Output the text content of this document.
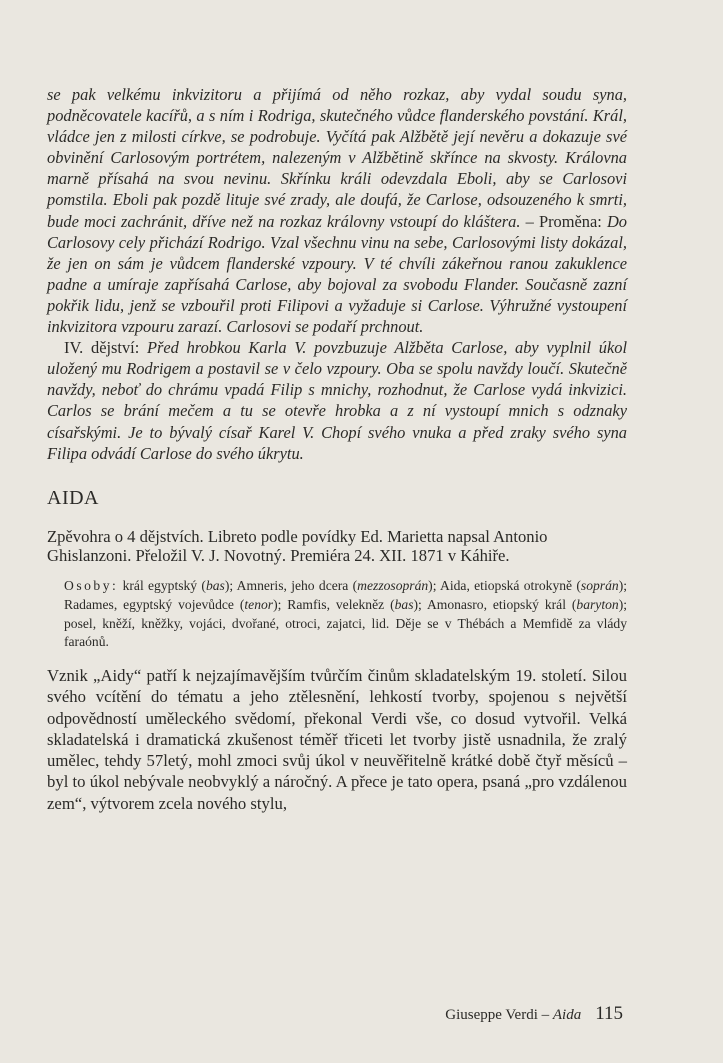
se pak velkému inkvizitoru a přijímá od něho rozkaz, aby vydal soudu syna, podněcovatele kacířů, a s ním i Rodriga, skutečného vůdce flanderského povstání. Král, vládce jen z milosti církve, se podrobuje. Vyčítá pak Alžbětě její nevěru a dokazuje své obvinění Carlosovým portrétem, nalezeným v Alžbětině skřínce na skvosty. Královna marně přísahá na svou nevinu. Skřínku králi odevzdala Eboli, aby se Carlosovi pomstila. Eboli pak pozdě lituje své zrady, ale doufá, že Carlose, odsouzeného k smrti, bude moci zachránit, dříve než na rozkaz královny vstoupí do kláštera. – Proměna: Do Carlosovy cely přichází Rodrigo. Vzal všechnu vinu na sebe, Carlosovými listy dokázal, že jen on sám je vůdcem flanderské vzpoury. V té chvíli zákeřnou ranou zakuklence padne a umíraje zapřísahá Carlose, aby bojoval za svobodu Flander. Současně zazní pokřik lidu, jenž se vzbouřil proti Filipovi a vyžaduje si Carlose. Výhružné vystoupení inkvizitora vzpouru zarazí. Carlosovi se podaří prchnout.
IV. dějství: Před hrobkou Karla V. povzbuzuje Alžběta Carlose, aby vyplnil úkol uložený mu Rodrigem a postavil se v čelo vzpoury. Oba se spolu navždy loučí. Skutečně navždy, neboť do chrámu vpadá Filip s mnichy, rozhodnut, že Carlose vydá inkvizici. Carlos se brání mečem a tu se otevře hrobka a z ní vystoupí mnich s odznaky císařskými. Je to bývalý císař Karel V. Chopí svého vnuka a před zraky svého syna Filipa odvádí Carlose do svého úkrytu.

AIDA

Zpěvohra o 4 dějstvích. Libreto podle povídky Ed. Marietta napsal Antonio Ghislanzoni. Přeložil V. J. Novotný. Premiéra 24. XII. 1871 v Káhiře.

Osoby: král egyptský (bas); Amneris, jeho dcera (mezzosoprán); Aida, etiopská otrokyně (soprán); Radames, egyptský vojevůdce (tenor); Ramfis, velekněz (bas); Amonasro, etiopský král (baryton); posel, kněží, kněžky, vojáci, dvořané, otroci, zajatci, lid. Děje se v Thébách a Memfidě za vlády faraónů.

Vznik „Aidy“ patří k nejzajímavějším tvůrčím činům skladatelským 19. století. Silou svého vcítění do tématu a jeho ztělesnění, lehkostí tvorby, spojenou s největší odpovědností uměleckého svědomí, překonal Verdi vše, co dosud vytvořil. Velká skladatelská i dramatická zkušenost téměř třiceti let tvorby jistě usnadnila, že zralý umělec, tehdy 57letý, mohl zmoci svůj úkol v neuvěřitelně krátké době čtyř měsíců – byl to úkol nebývale neobvyklý a náročný. A přece je tato opera, psaná „pro vzdálenou zem“, výtvorem zcela nového stylu,

Giuseppe Verdi – Aida 115
